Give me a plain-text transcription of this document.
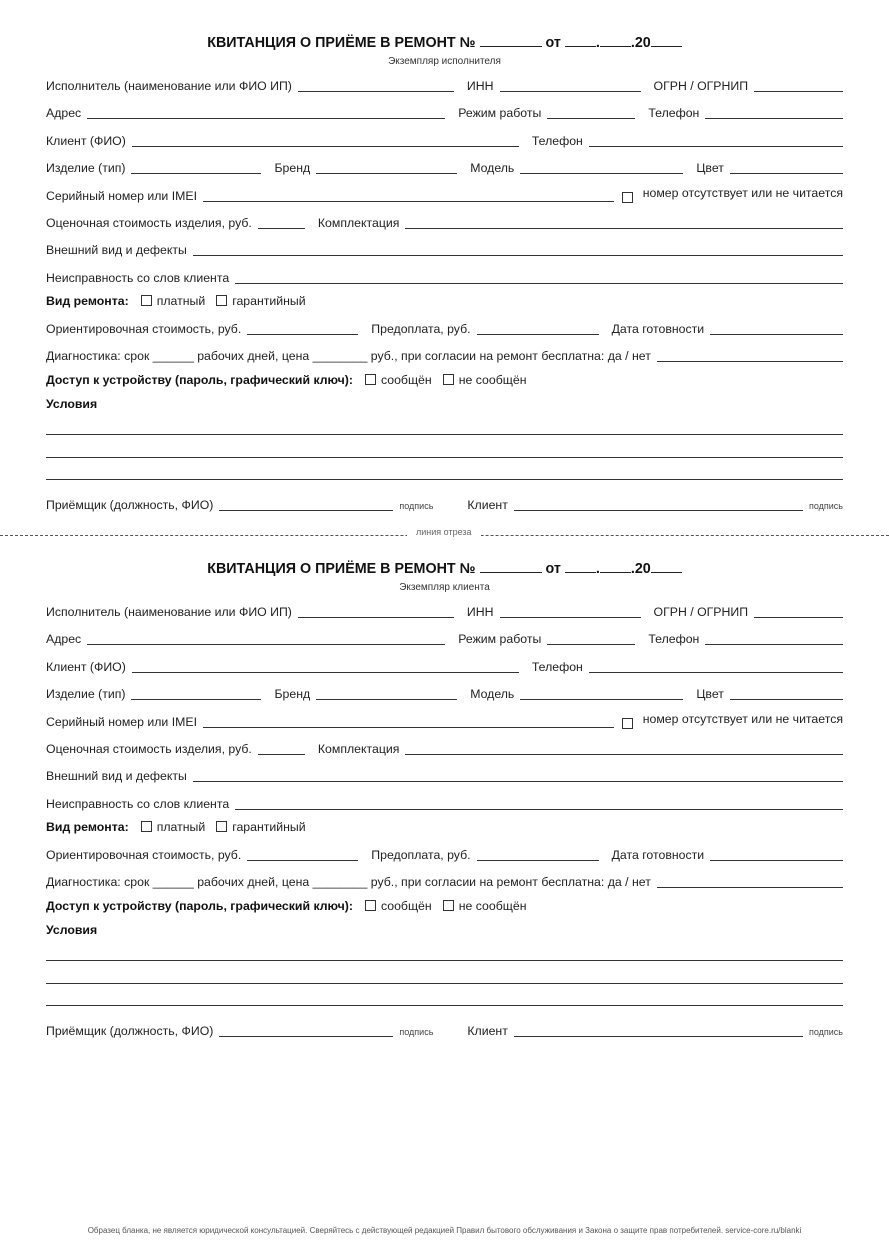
КВИТАНЦИЯ О ПРИЁМЕ В РЕМОНТ №	от . .20
Экземпляр исполнителя
Исполнитель (наименование или ФИО ИП)	ИНН	ОГРН / ОГРНИП
Адрес	Режим работы	Телефон
Клиент (ФИО)	Телефон
Изделие (тип)	Бренд	Модель	Цвет
Серийный номер или IMEI	номер отсутствует или не читается
Оценочная стоимость изделия, руб.	Комплектация
Внешний вид и дефекты
Неисправность со слов клиента
Вид ремонта: платный гарантийный
Ориентировочная стоимость, руб.	Предоплата, руб.	Дата готовности
Диагностика: срок ______ рабочих дней, цена ________ руб., при согласии на ремонт бесплатна: да / нет
Доступ к устройству (пароль, графический ключ): сообщён не сообщён
Условия
Приёмщик (должность, ФИО)	подпись	Клиент	подпись
линия отреза
КВИТАНЦИЯ О ПРИЁМЕ В РЕМОНТ №	от . .20
Экземпляр клиента
Исполнитель (наименование или ФИО ИП)	ИНН	ОГРН / ОГРНИП
Адрес	Режим работы	Телефон
Клиент (ФИО)	Телефон
Изделие (тип)	Бренд	Модель	Цвет
Серийный номер или IMEI	номер отсутствует или не читается
Оценочная стоимость изделия, руб.	Комплектация
Внешний вид и дефекты
Неисправность со слов клиента
Вид ремонта: платный гарантийный
Ориентировочная стоимость, руб.	Предоплата, руб.	Дата готовности
Диагностика: срок ______ рабочих дней, цена ________ руб., при согласии на ремонт бесплатна: да / нет
Доступ к устройству (пароль, графический ключ): сообщён не сообщён
Условия
Приёмщик (должность, ФИО)	подпись	Клиент	подпись
Образец бланка, не является юридической консультацией. Сверяйтесь с действующей редакцией Правил бытового обслуживания и Закона о защите прав потребителей. service-core.ru/blanki
